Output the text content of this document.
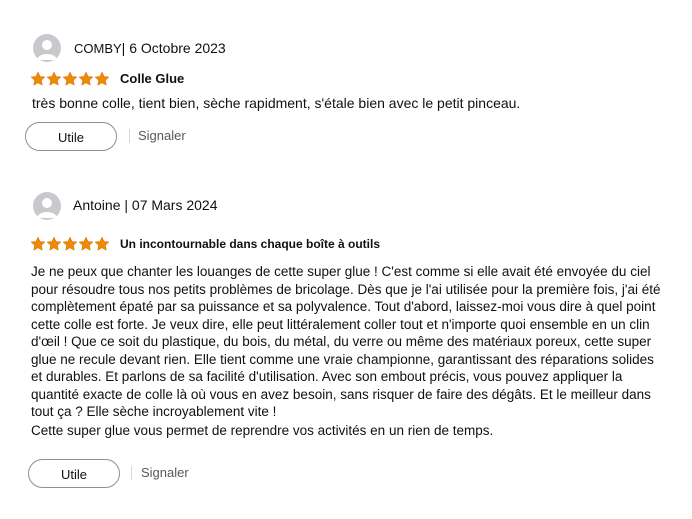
COMBY| 6 Octobre 2023
Colle Glue
très bonne colle, tient bien, sèche rapidment, s'étale bien avec le petit pinceau.
Utile	Signaler
Antoine | 07 Mars 2024
Un incontournable dans chaque boîte à outils
Je ne peux que chanter les louanges de cette super glue ! C'est comme si elle avait été envoyée du ciel pour résoudre tous nos petits problèmes de bricolage. Dès que je l'ai utilisée pour la première fois, j'ai été complètement épaté par sa puissance et sa polyvalence. Tout d'abord, laissez-moi vous dire à quel point cette colle est forte. Je veux dire, elle peut littéralement coller tout et n'importe quoi ensemble en un clin d'œil ! Que ce soit du plastique, du bois, du métal, du verre ou même des matériaux poreux, cette super glue ne recule devant rien. Elle tient comme une vraie championne, garantissant des réparations solides et durables. Et parlons de sa facilité d'utilisation. Avec son embout précis, vous pouvez appliquer la quantité exacte de colle là où vous en avez besoin, sans risquer de faire des dégâts. Et le meilleur dans tout ça ? Elle sèche incroyablement vite !
Cette super glue vous permet de reprendre vos activités en un rien de temps.
Utile	Signaler
